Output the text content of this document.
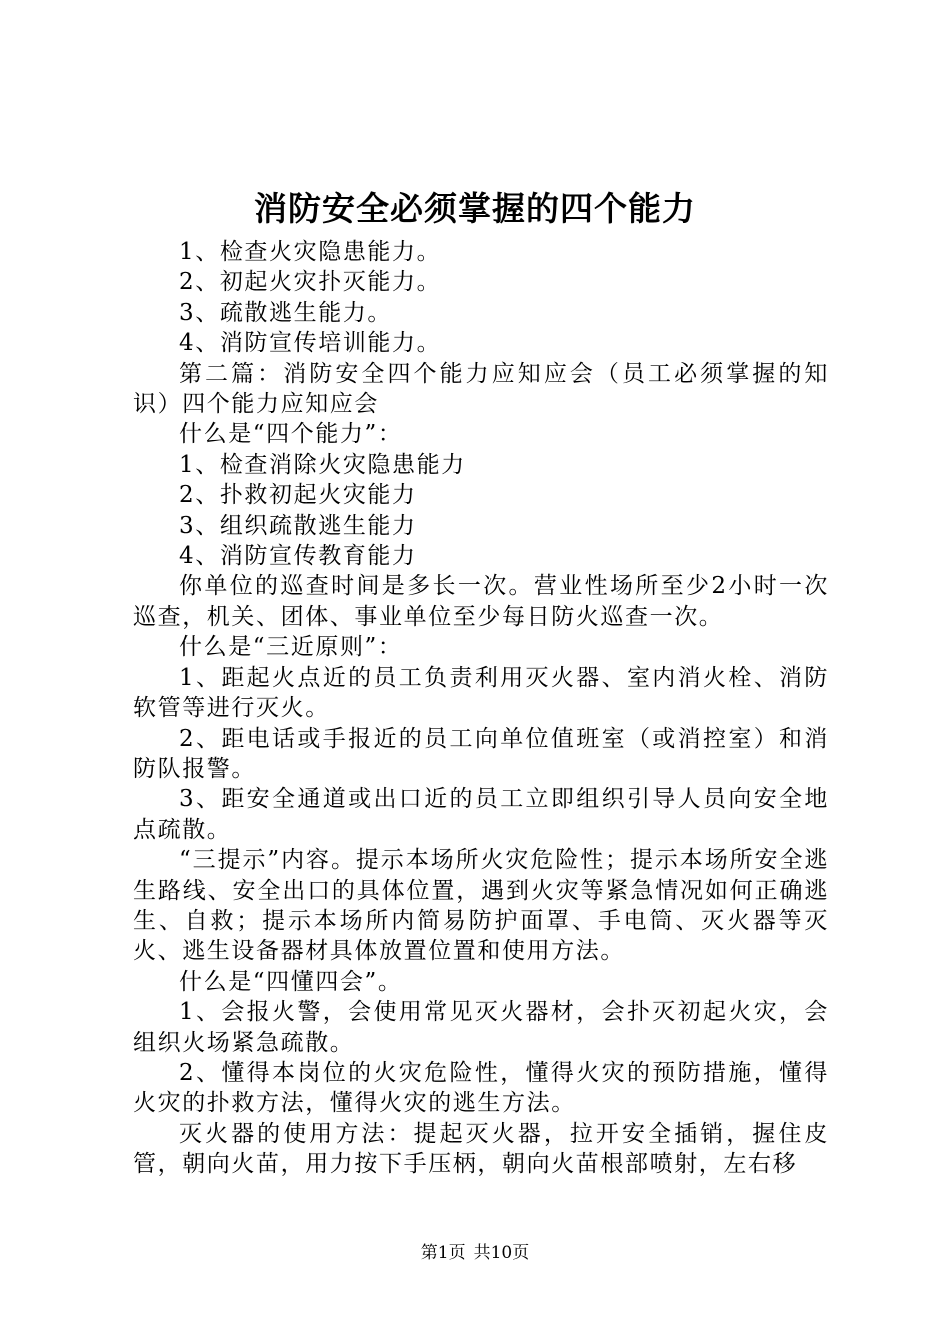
消防安全必须掌握的四个能力

1、检查火灾隐患能力。

2、初起火灾扑灭能力。

3、疏散逃生能力。

4、消防宣传培训能力。

第二篇：消防安全四个能力应知应会（员工必须掌握的知识）四个能力应知应会

什么是“四个能力”：

1、检查消除火灾隐患能力

2、扑救初起火灾能力

3、组织疏散逃生能力

4、消防宣传教育能力

你单位的巡查时间是多长一次。营业性场所至少2小时一次巡查，机关、团体、事业单位至少每日防火巡查一次。

什么是“三近原则”：

1、距起火点近的员工负责利用灭火器、室内消火栓、消防软管等进行灭火。

2、距电话或手报近的员工向单位值班室（或消控室）和消防队报警。

3、距安全通道或出口近的员工立即组织引导人员向安全地点疏散。

“三提示”内容。提示本场所火灾危险性；提示本场所安全逃生路线、安全出口的具体位置，遇到火灾等紧急情况如何正确逃生、自救；提示本场所内简易防护面罩、手电筒、灭火器等灭火、逃生设备器材具体放置位置和使用方法。

什么是“四懂四会”。

1、会报火警，会使用常见灭火器材，会扑灭初起火灾，会组织火场紧急疏散。

2、懂得本岗位的火灾危险性，懂得火灾的预防措施，懂得火灾的扑救方法，懂得火灾的逃生方法。

灭火器的使用方法：提起灭火器，拉开安全插销，握住皮管，朝向火苗，用力按下手压柄，朝向火苗根部喷射，左右移

第1页 共10页
